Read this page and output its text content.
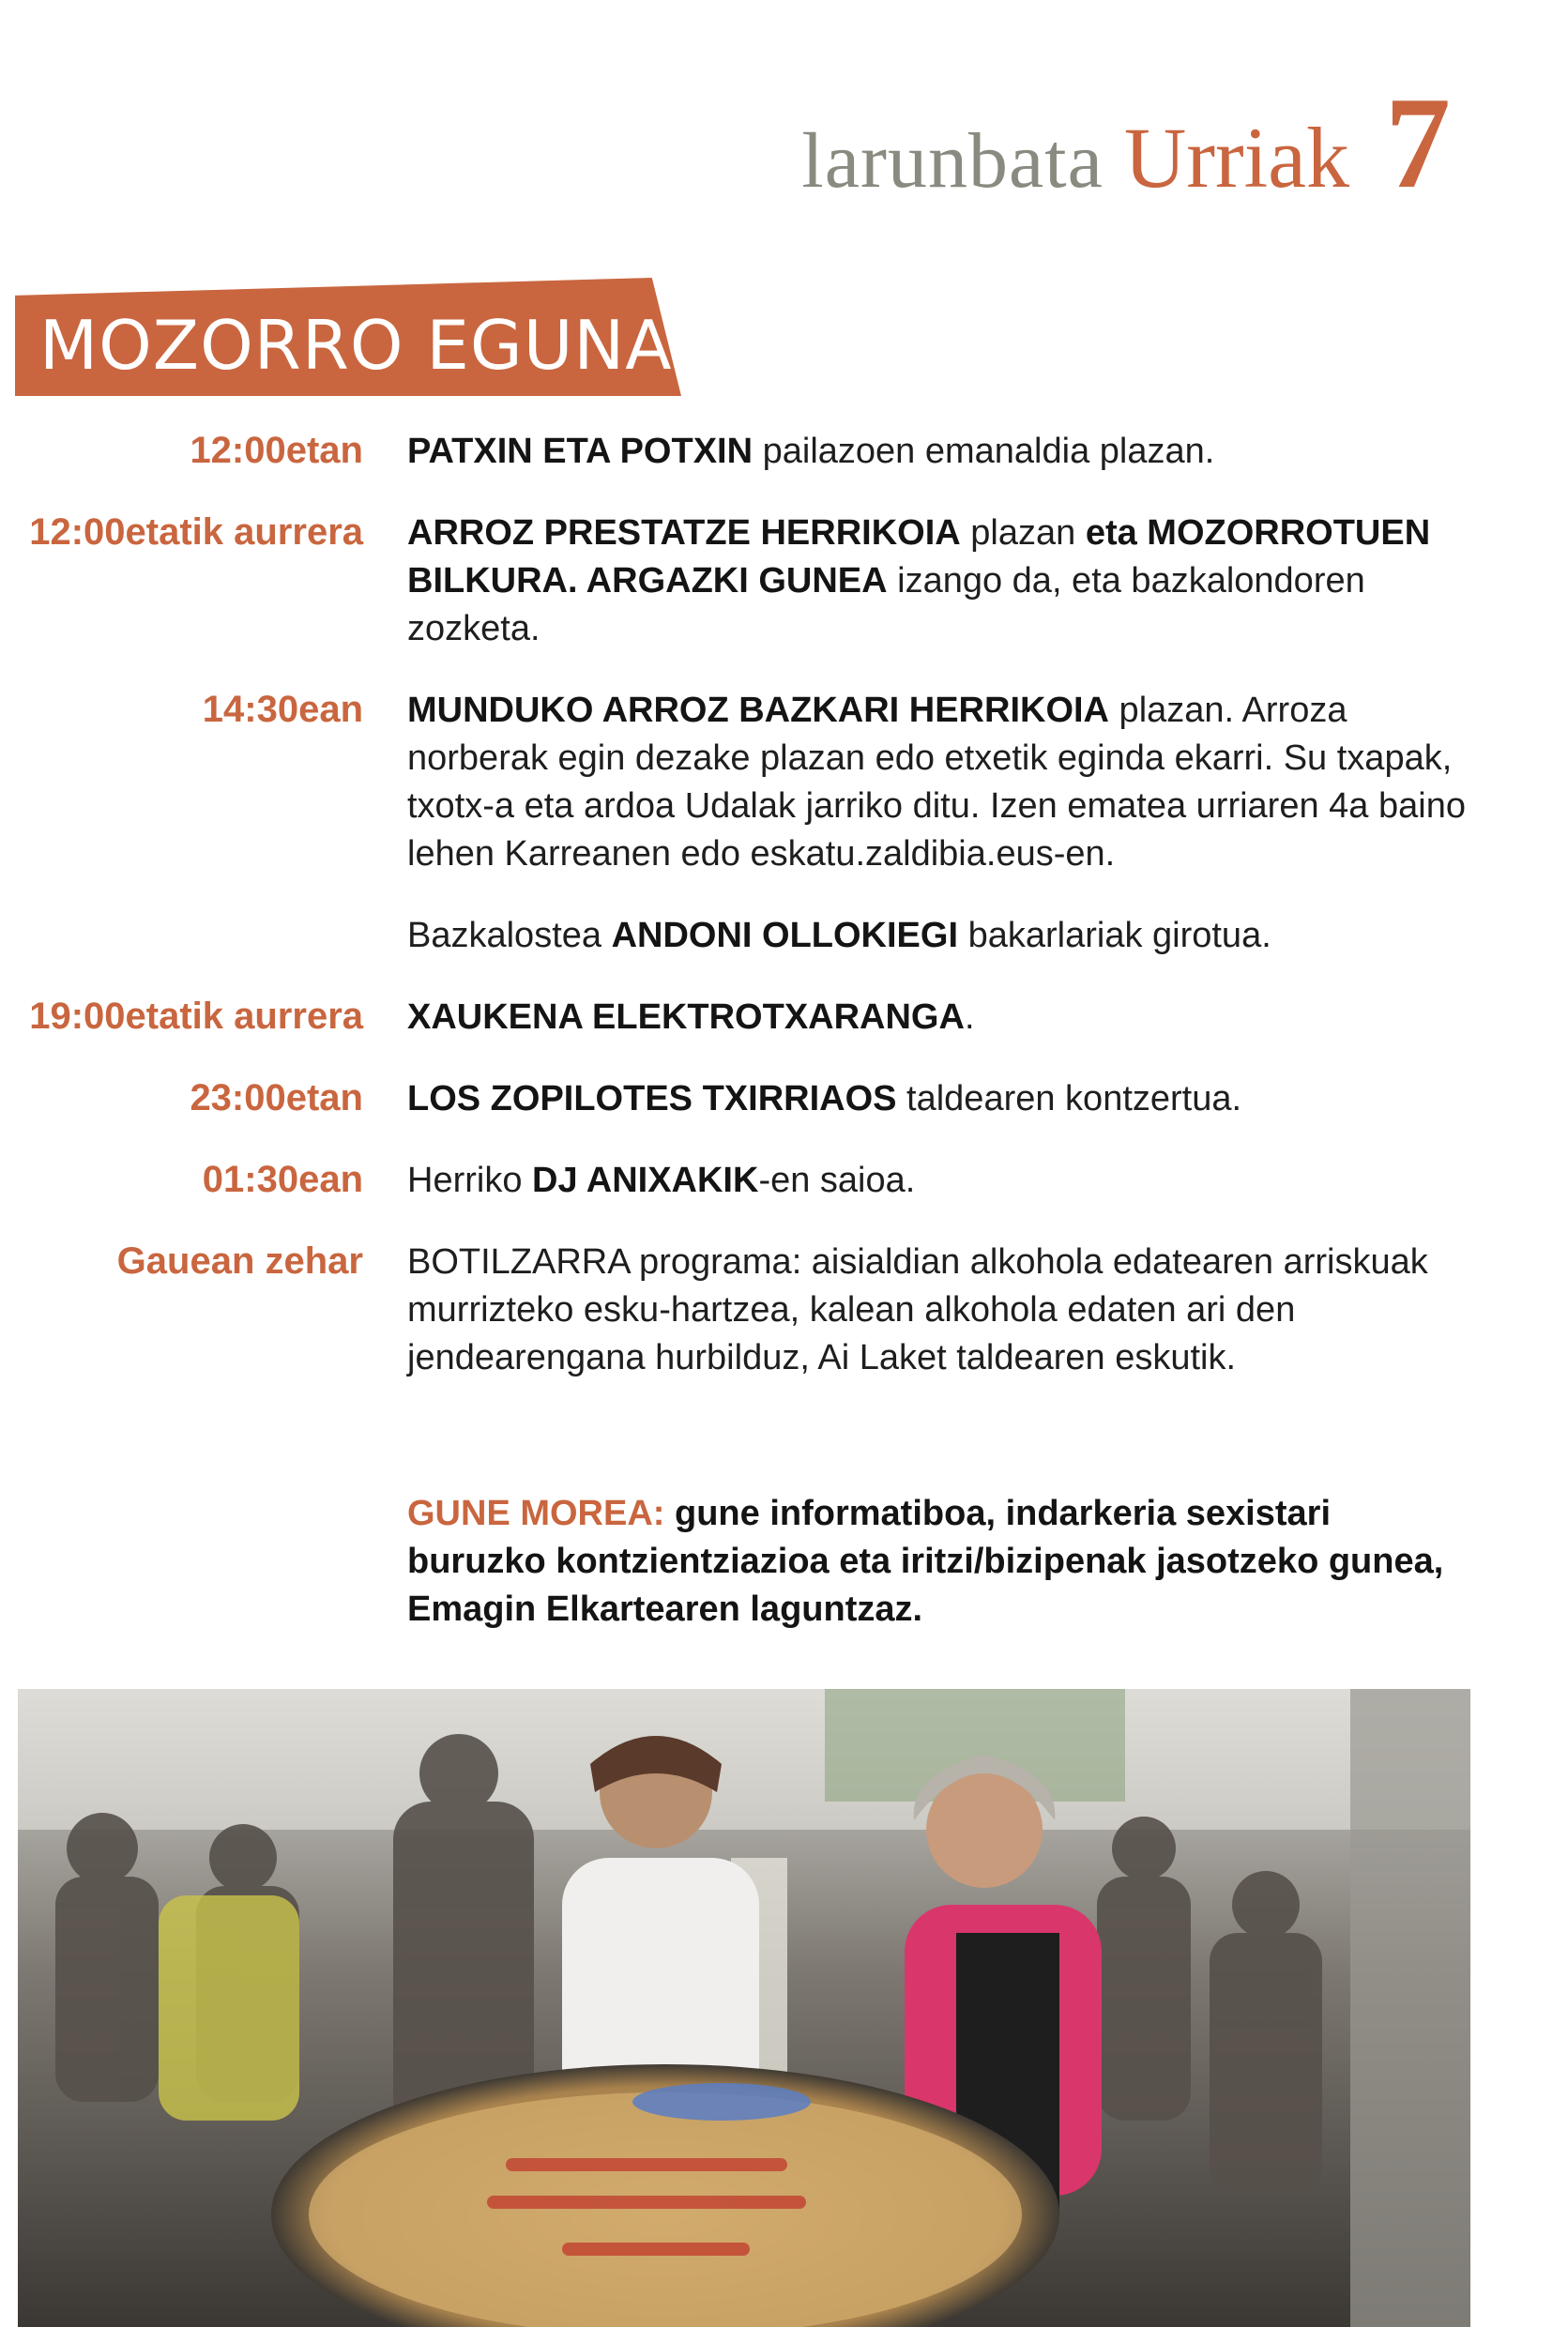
larunbata Urriak 7
MOZORRO EGUNA
12:00etan PATXIN ETA POTXIN pailazoen emanaldia plazan.
12:00etatik aurrera ARROZ PRESTATZE HERRIKOIA plazan eta MOZORROTUEN BILKURA. ARGAZKI GUNEA izango da, eta bazkalondoren zozketa.
14:30ean MUNDUKO ARROZ BAZKARI HERRIKOIA plazan. Arroza norberak egin dezake plazan edo etxetik eginda ekarri. Su txapak, txotx-a eta ardoa Udalak jarriko ditu. Izen ematea urriaren 4a baino lehen Karreanen edo eskatu.zaldibia.eus-en.
Bazkalostea ANDONI OLLOKIEGI bakarlariak girotua.
19:00etatik aurrera XAUKENA ELEKTROTXARANGA.
23:00etan LOS ZOPILOTES TXIRRIAOS taldearen kontzertua.
01:30ean Herriko DJ ANIXAKIK-en saioa.
Gauean zehar BOTILZARRA programa: aisialdian alkohola edatearen arriskuak murrizteko esku-hartzea, kalean alkohola edaten ari den jendearengana hurbilduz, Ai Laket taldearen eskutik.
GUNE MOREA: gune informatiboa, indarkeria sexistari buruzko kontzientziazioa eta iritzi/bizipenak jasotzeko gunea, Emagin Elkartearen laguntzaz.
